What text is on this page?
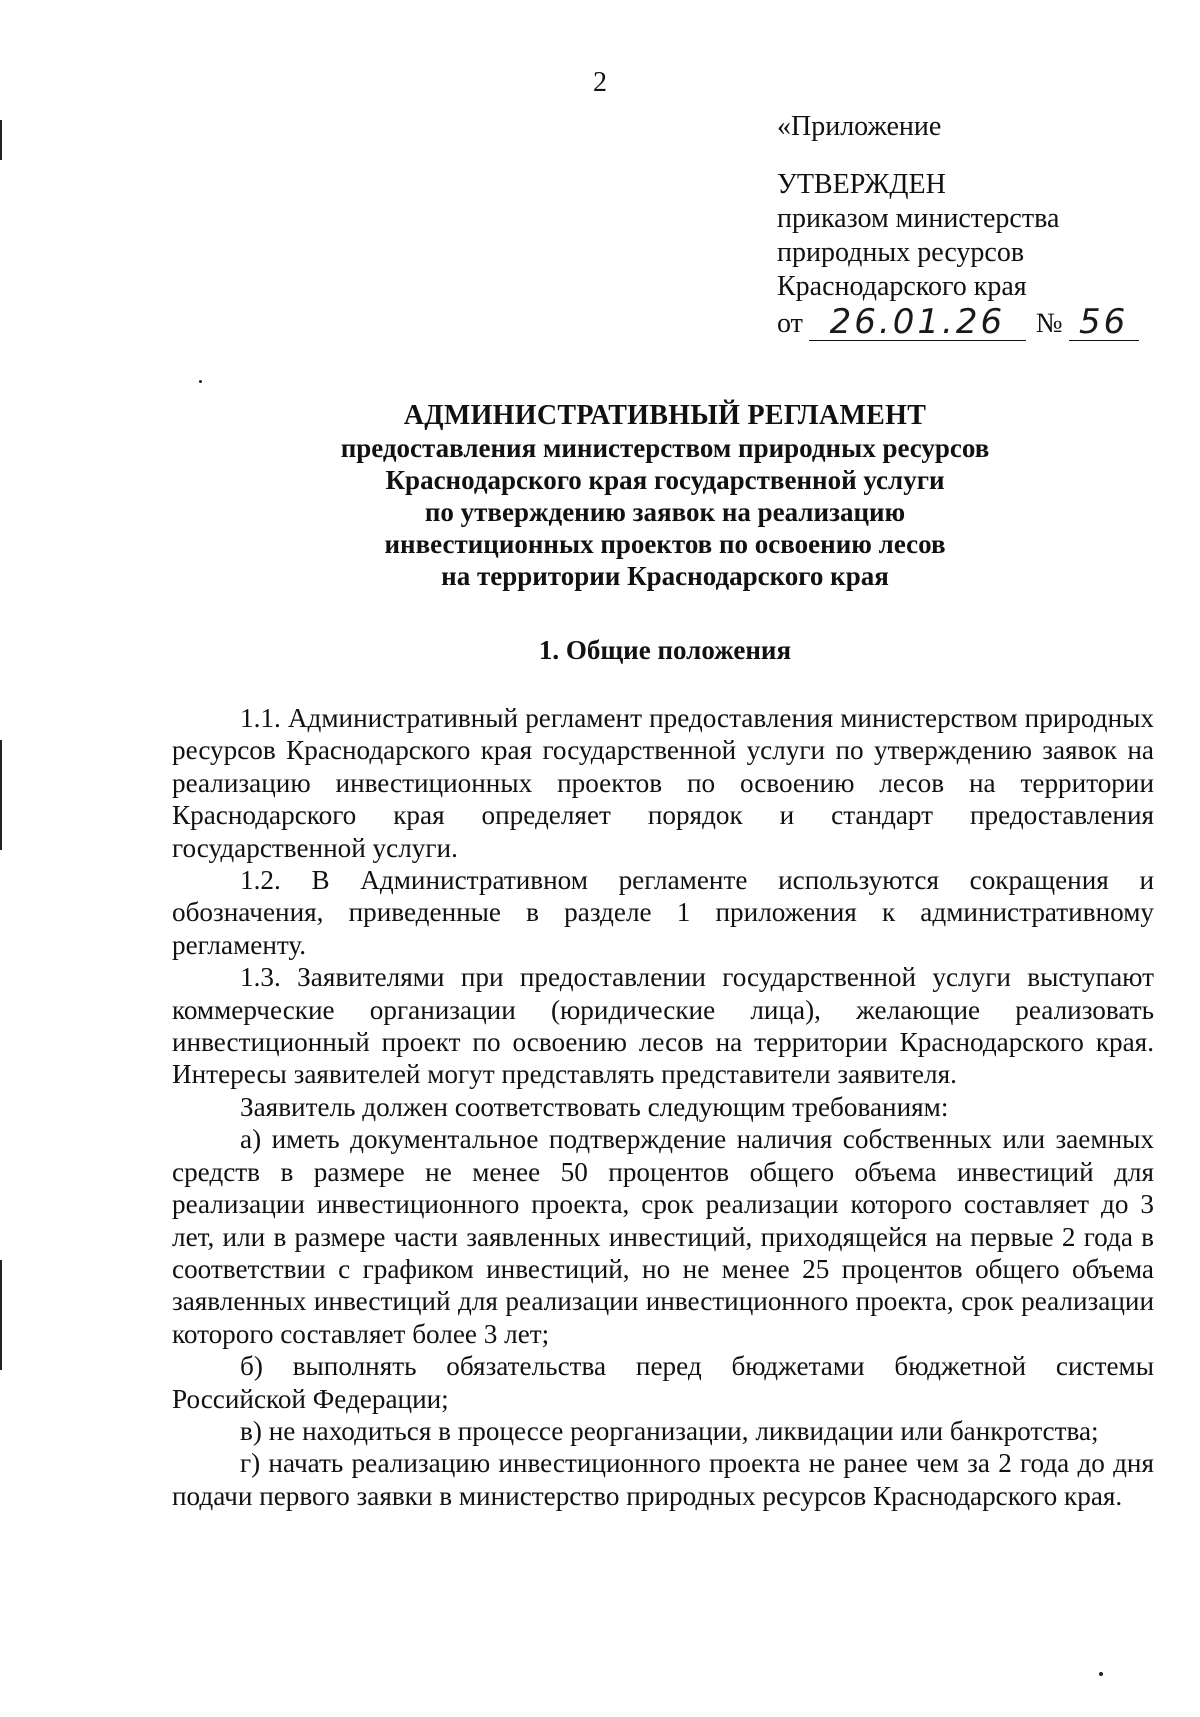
2
«Приложение
УТВЕРЖДЕН
приказом министерства
природных ресурсов
Краснодарского края
от 26.01.26	№ 56
АДМИНИСТРАТИВНЫЙ РЕГЛАМЕНТ
предоставления министерством природных ресурсов
Краснодарского края государственной услуги
по утверждению заявок на реализацию
инвестиционных проектов по освоению лесов
на территории Краснодарского края
1. Общие положения

1.1. Административный регламент предоставления министерством природных ресурсов Краснодарского края государственной услуги по утверждению заявок на реализацию инвестиционных проектов по освоению лесов на территории Краснодарского края определяет порядок и стандарт предоставления государственной услуги.

1.2. В Административном регламенте используются сокращения и обозначения, приведенные в разделе 1 приложения к административному регламенту.

1.3. Заявителями при предоставлении государственной услуги выступают коммерческие организации (юридические лица), желающие реализовать инвестиционный проект по освоению лесов на территории Краснодарского края. Интересы заявителей могут представлять представители заявителя.

Заявитель должен соответствовать следующим требованиям:

а) иметь документальное подтверждение наличия собственных или заемных средств в размере не менее 50 процентов общего объема инвестиций для реализации инвестиционного проекта, срок реализации которого составляет до 3 лет, или в размере части заявленных инвестиций, приходящейся на первые 2 года в соответствии с графиком инвестиций, но не менее 25 процентов общего объема заявленных инвестиций для реализации инвестиционного проекта, срок реализации которого составляет более 3 лет;

б) выполнять обязательства перед бюджетами бюджетной системы Российской Федерации;

в) не находиться в процессе реорганизации, ликвидации или банкротства;

г) начать реализацию инвестиционного проекта не ранее чем за 2 года до дня подачи первого заявки в министерство природных ресурсов Краснодарского края.
